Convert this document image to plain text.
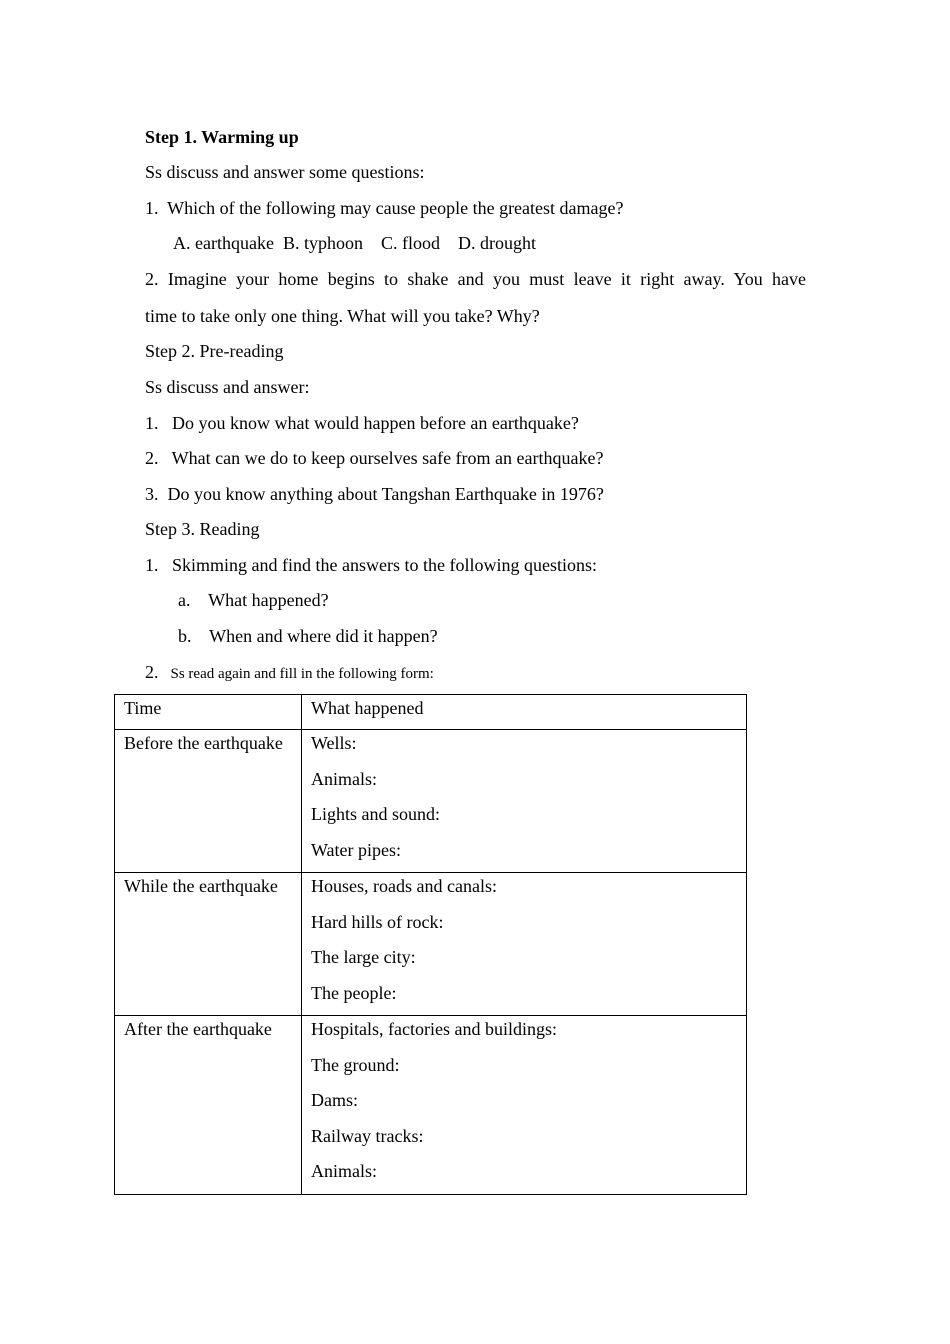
Step 1. Warming up
Ss discuss and answer some questions:
1.  Which of the following may cause people the greatest damage?
A. earthquake  B. typhoon    C. flood    D. drought
2. Imagine your home begins to shake and you must leave it right away. You have
time to take only one thing. What will you take? Why?
Step 2. Pre-reading
Ss discuss and answer:
1.   Do you know what would happen before an earthquake?
2.   What can we do to keep ourselves safe from an earthquake?
3.  Do you know anything about Tangshan Earthquake in 1976?
Step 3. Reading
1.   Skimming and find the answers to the following questions:
a.    What happened?
b.    When and where did it happen?
2. Ss read again and fill in the following form:
Time	What happened

Before the earthquake	Wells:
Animals:
Lights and sound:
Water pipes:

While the earthquake	Houses, roads and canals:
Hard hills of rock:
The large city:
The people:

After the earthquake	Hospitals, factories and buildings:
The ground:
Dams:
Railway tracks:
Animals:
